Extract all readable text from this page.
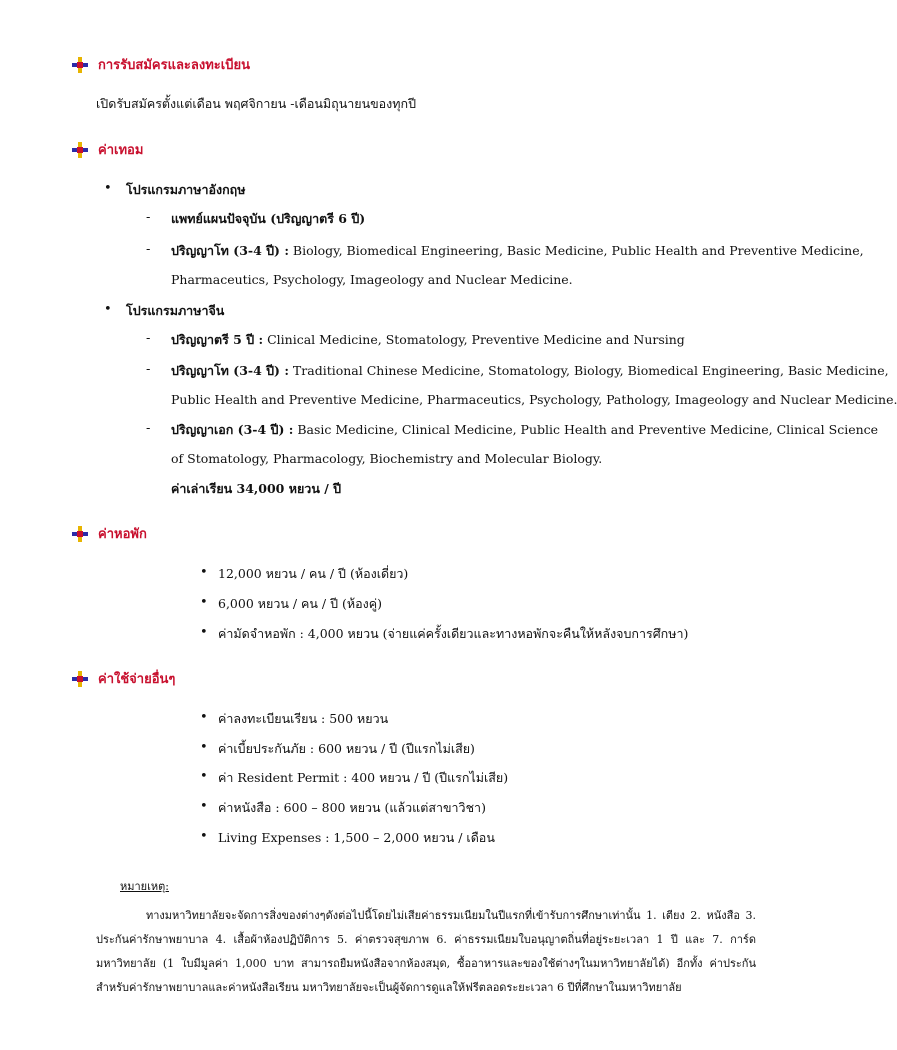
การรับสมัครและลงทะเบียน
เปิดรับสมัครตั้งแต่เดือน พฤศจิกายน -เดือนมิถุนายนของทุกปี
ค่าเทอม
• โปรแกรมภาษาอังกฤษ
- แพทย์แผนปัจจุบัน (ปริญญาตรี 6 ปี)
- ปริญญาโท (3-4 ปี) : Biology, Biomedical Engineering, Basic Medicine, Public Health and Preventive Medicine,
Pharmaceutics, Psychology, Imageology and Nuclear Medicine.
• โปรแกรมภาษาจีน
- ปริญญาตรี 5 ปี : Clinical Medicine, Stomatology, Preventive Medicine and Nursing
- ปริญญาโท (3-4 ปี) : Traditional Chinese Medicine, Stomatology, Biology, Biomedical Engineering, Basic Medicine,
Public Health and Preventive Medicine, Pharmaceutics, Psychology, Pathology, Imageology and Nuclear Medicine.
- ปริญญาเอก (3-4 ปี) : Basic Medicine, Clinical Medicine, Public Health and Preventive Medicine, Clinical Science
of Stomatology, Pharmacology, Biochemistry and Molecular Biology.
ค่าเล่าเรียน 34,000 หยวน / ปี
ค่าหอพัก
• 12,000 หยวน / คน / ปี (ห้องเดี่ยว)
• 6,000 หยวน / คน / ปี (ห้องคู่)
• ค่ามัดจำหอพัก : 4,000 หยวน (จ่ายแค่ครั้งเดียวและทางหอพักจะคืนให้หลังจบการศึกษา)
ค่าใช้จ่ายอื่นๆ
• ค่าลงทะเบียนเรียน : 500 หยวน
• ค่าเบี้ยประกันภัย : 600 หยวน / ปี (ปีแรกไม่เสีย)
• ค่า Resident Permit : 400 หยวน / ปี (ปีแรกไม่เสีย)
• ค่าหนังสือ : 600 – 800 หยวน (แล้วแต่สาขาวิชา)
• Living Expenses : 1,500 – 2,000 หยวน / เดือน
หมายเหตุ:
ทางมหาวิทยาลัยจะจัดการสิ่งของต่างๆดังต่อไปนี้โดยไม่เสียค่าธรรมเนียมในปีแรกที่เข้ารับการศึกษาเท่านั้น 1. เตียง 2. หนังสือ 3. ประกันค่ารักษาพยาบาล 4. เสื้อผ้าห้องปฏิบัติการ 5. ค่าตรวจสุขภาพ 6. ค่าธรรมเนียมใบอนุญาตถิ่นที่อยู่ระยะเวลา 1 ปี และ 7. การ์ดมหาวิทยาลัย (1 ใบมีมูลค่า 1,000 บาท สามารถยืมหนังสือจากห้องสมุด, ซื้ออาหารและของใช้ต่างๆในมหาวิทยาลัยได้) อีกทั้ง ค่าประกันสำหรับค่ารักษาพยาบาลและค่าหนังสือเรียน มหาวิทยาลัยจะเป็นผู้จัดการดูแลให้ฟรีตลอดระยะเวลา 6 ปีที่ศึกษาในมหาวิทยาลัย
